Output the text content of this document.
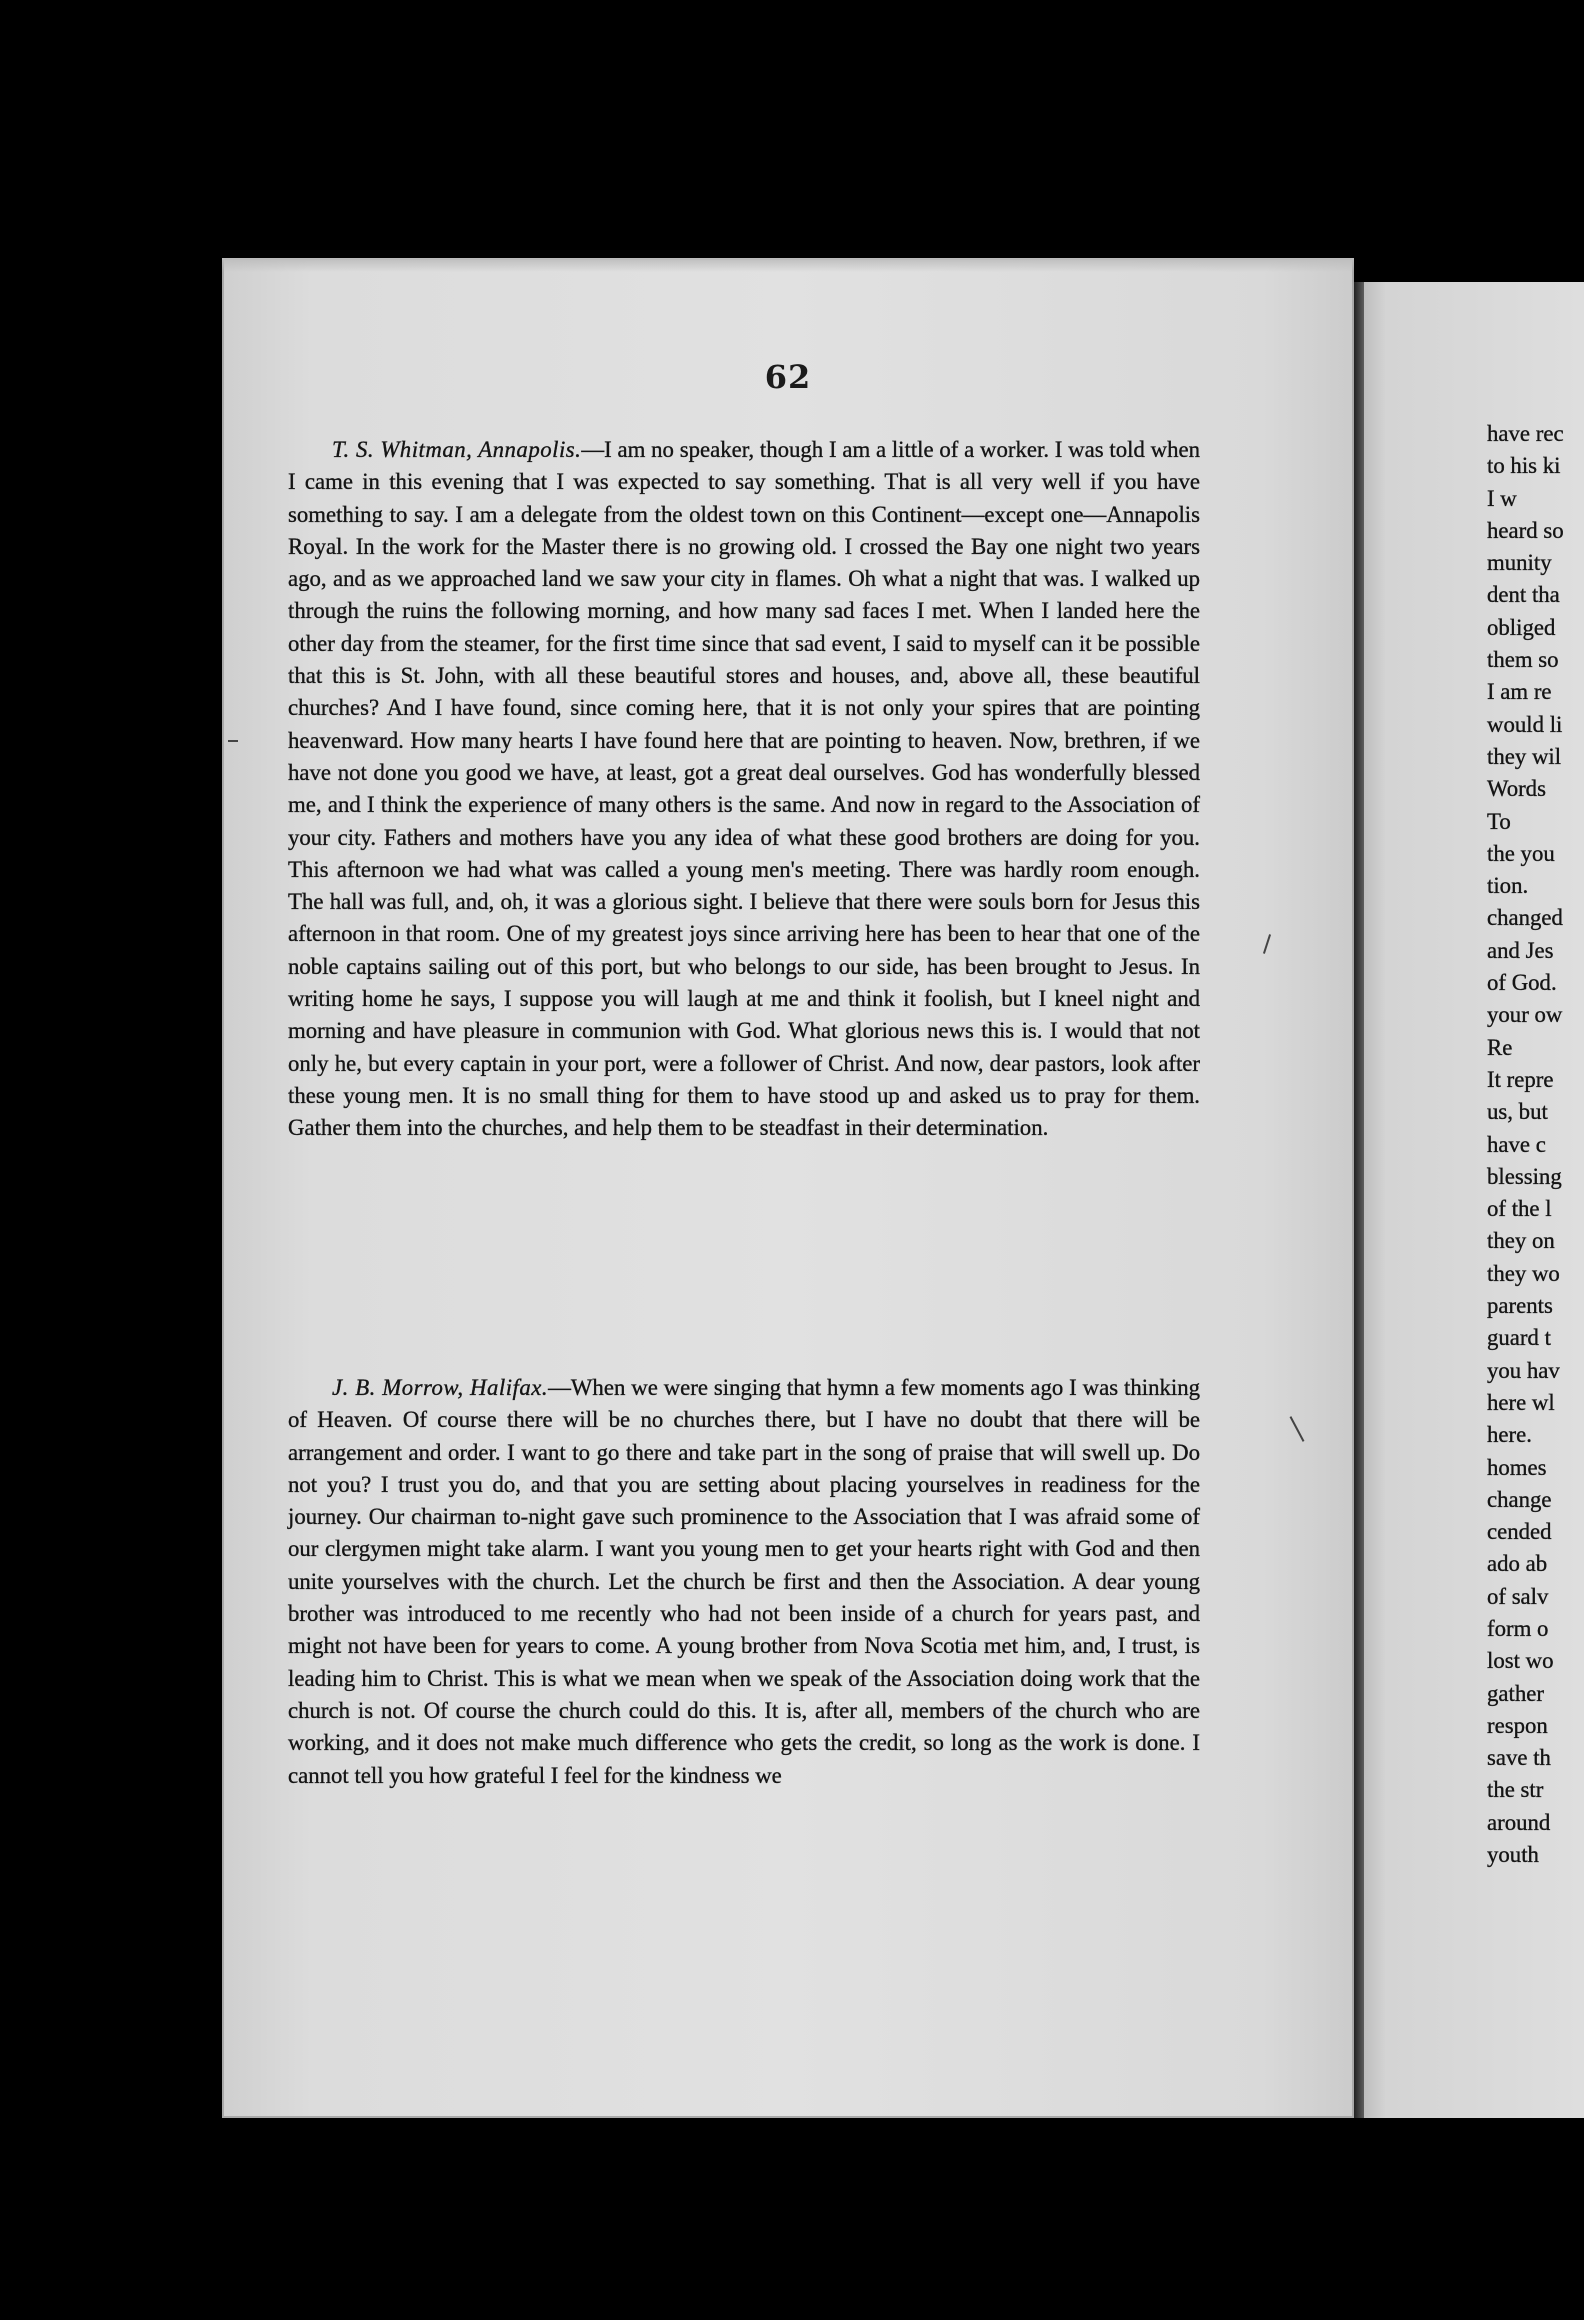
62

T. S. Whitman, Annapolis.—I am no speaker, though I am a little of a worker. I was told when I came in this evening that I was expected to say something. That is all very well if you have something to say. I am a delegate from the oldest town on this Continent—except one—Annapolis Royal. In the work for the Master there is no growing old. I crossed the Bay one night two years ago, and as we approached land we saw your city in flames. Oh what a night that was. I walked up through the ruins the following morning, and how many sad faces I met. When I landed here the other day from the steamer, for the first time since that sad event, I said to myself can it be possible that this is St. John, with all these beautiful stores and houses, and, above all, these beautiful churches? And I have found, since coming here, that it is not only your spires that are pointing heavenward. How many hearts I have found here that are pointing to heaven. Now, brethren, if we have not done you good we have, at least, got a great deal ourselves. God has wonderfully blessed me, and I think the experience of many others is the same. And now in regard to the Association of your city. Fathers and mothers have you any idea of what these good brothers are doing for you. This afternoon we had what was called a young men's meeting. There was hardly room enough. The hall was full, and, oh, it was a glorious sight. I believe that there were souls born for Jesus this afternoon in that room. One of my greatest joys since arriving here has been to hear that one of the noble captains sailing out of this port, but who belongs to our side, has been brought to Jesus. In writing home he says, I suppose you will laugh at me and think it foolish, but I kneel night and morning and have pleasure in communion with God. What glorious news this is. I would that not only he, but every captain in your port, were a follower of Christ. And now, dear pastors, look after these young men. It is no small thing for them to have stood up and asked us to pray for them. Gather them into the churches, and help them to be steadfast in their determination.

J. B. Morrow, Halifax.—When we were singing that hymn a few moments ago I was thinking of Heaven. Of course there will be no churches there, but I have no doubt that there will be arrangement and order. I want to go there and take part in the song of praise that will swell up. Do not you? I trust you do, and that you are setting about placing yourselves in readiness for the journey. Our chairman to-night gave such prominence to the Association that I was afraid some of our clergymen might take alarm. I want you young men to get your hearts right with God and then unite yourselves with the church. Let the church be first and then the Association. A dear young brother was introduced to me recently who had not been inside of a church for years past, and might not have been for years to come. A young brother from Nova Scotia met him, and, I trust, is leading him to Christ. This is what we mean when we speak of the Association doing work that the church is not. Of course the church could do this. It is, after all, members of the church who are working, and it does not make much difference who gets the credit, so long as the work is done. I cannot tell you how grateful I feel for the kindness we

have rec
to his ki
I w
heard so
munity
dent tha
obliged
them so
I am re
would li
they wil
Words
To
the you
tion.
changed
and Jes
of God.
your ow
Re
It repre
us, but
have c
blessing
of the l
they on
they wo
parents
guard t
you hav
here wl
here.
homes
change
cended
ado ab
of salv
form o
lost wo
gather
respon
save th
the str
around
youth
